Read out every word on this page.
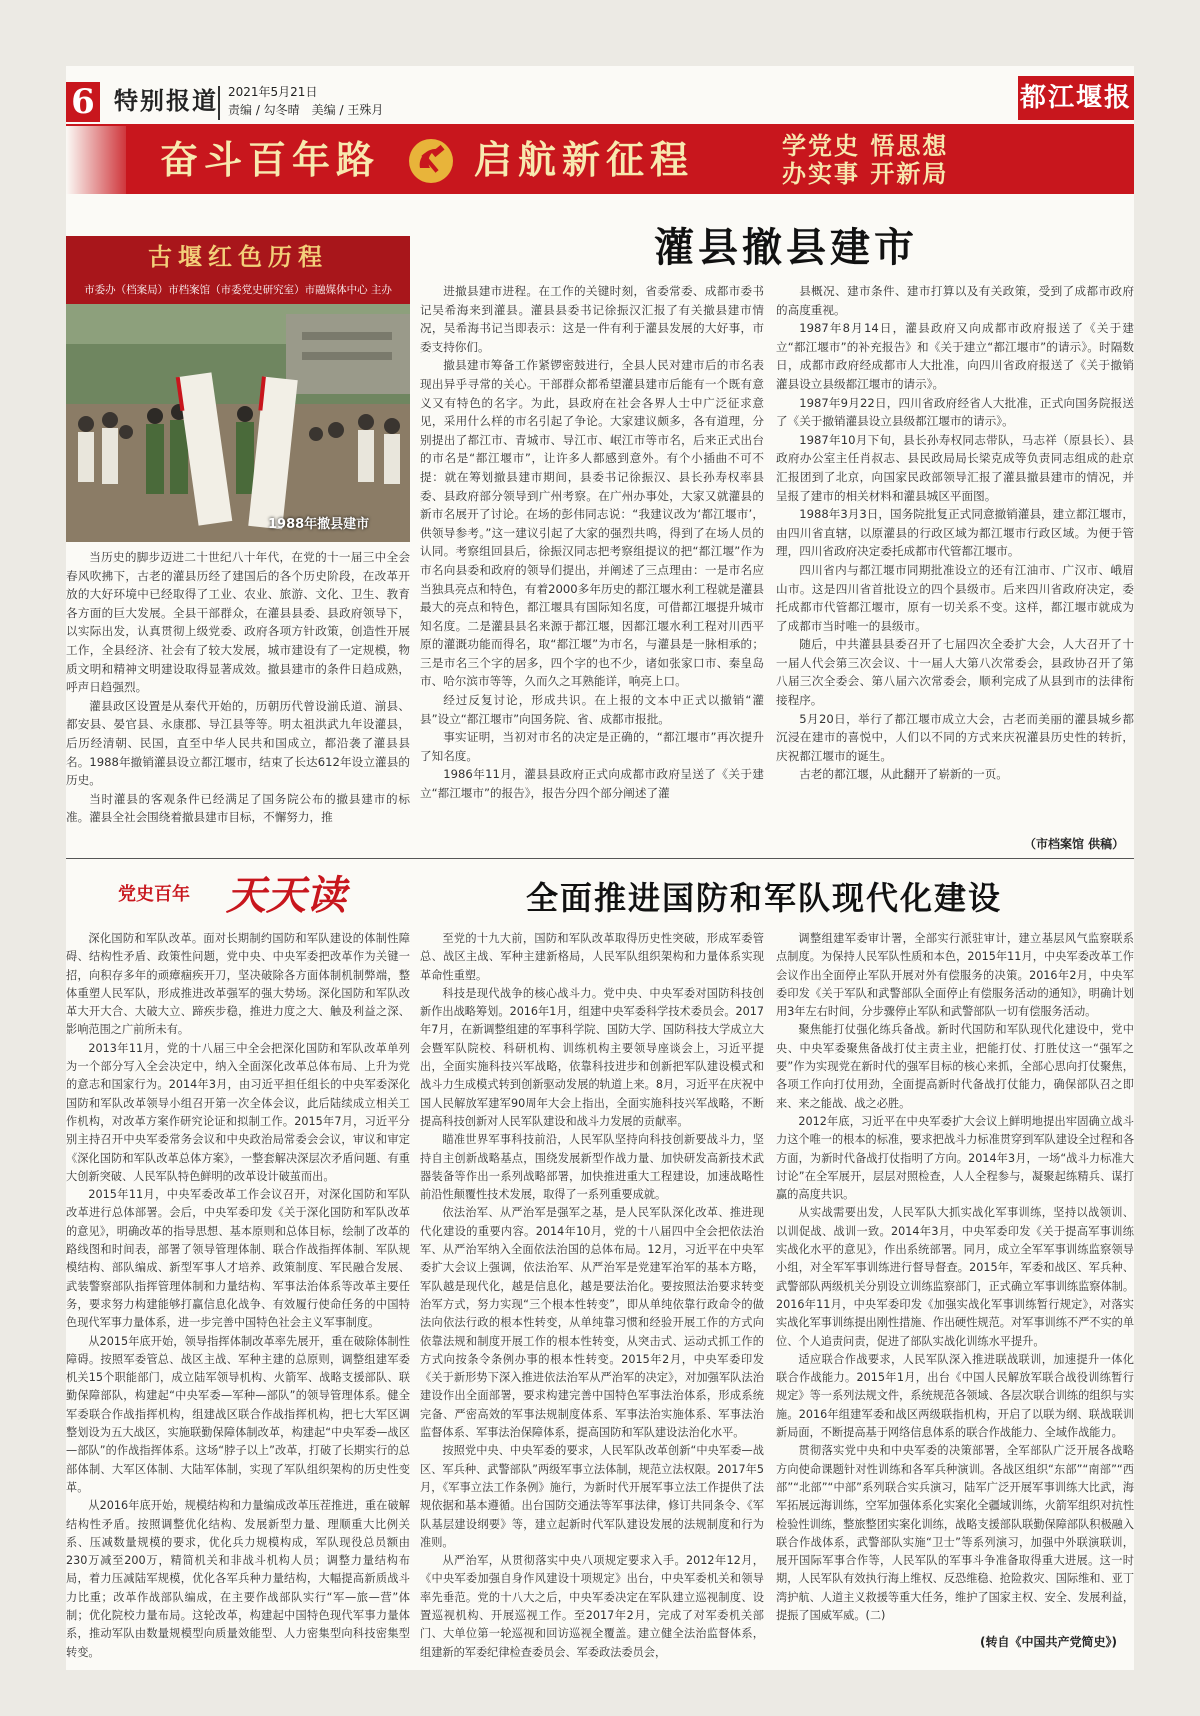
6 特别报道 2021年5月21日
责编 / 勾冬晴　美编 / 王殊月	都江堰报
奋斗百年路 启航新征程	学党史 悟思想
办实事 开新局
灌县撤县建市
古堰红色历程
市委办（档案局）市档案馆（市委党史研究室）市融媒体中心 主办
1988年撤县建市

当历史的脚步迈进二十世纪八十年代，在党的十一届三中全会春风吹拂下，古老的灌县历经了建国后的各个历史阶段，在改革开放的大好环境中已经取得了工业、农业、旅游、文化、卫生、教育各方面的巨大发展。全县干部群众，在灌县县委、县政府领导下，以实际出发，认真贯彻上级党委、政府各项方针政策，创造性开展工作，全县经济、社会有了较大发展，城市建设有了一定规模，物质文明和精神文明建设取得显著成效。撤县建市的条件日趋成熟，呼声日趋强烈。

灌县政区设置是从秦代开始的，历朝历代曾设湔氐道、湔县、都安县、晏官县、永康郡、导江县等等。明太祖洪武九年设灌县，后历经清朝、民国，直至中华人民共和国成立，都沿袭了灌县县名。1988年撤销灌县设立都江堰市，结束了长达612年设立灌县的历史。

当时灌县的客观条件已经满足了国务院公布的撤县建市的标准。灌县全社会围绕着撤县建市目标，不懈努力，推

进撤县建市进程。在工作的关键时刻，省委常委、成都市委书记吴希海来到灌县。灌县县委书记徐振汉汇报了有关撤县建市情况，吴希海书记当即表示：这是一件有利于灌县发展的大好事，市委支持你们。

撤县建市筹备工作紧锣密鼓进行，全县人民对建市后的市名表现出异乎寻常的关心。干部群众都希望灌县建市后能有一个既有意义又有特色的名字。为此，县政府在社会各界人士中广泛征求意见，采用什么样的市名引起了争论。大家建议颇多，各有道理，分别提出了都江市、青城市、导江市、岷江市等市名，后来正式出台的市名是“都江堰市”，让许多人都感到意外。有个小插曲不可不提：就在筹划撤县建市期间，县委书记徐振汉、县长孙寿权率县委、县政府部分领导到广州考察。在广州办事处，大家又就灌县的新市名展开了讨论。在场的彭伟同志说：“我建议改为‘都江堰市’，供领导参考。”这一建议引起了大家的强烈共鸣，得到了在场人员的认同。考察组回县后，徐振汉同志把考察组提议的把“都江堰”作为市名向县委和政府的领导们提出，并阐述了三点理由：一是市名应当独具亮点和特色，有着2000多年历史的都江堰水利工程就是灌县最大的亮点和特色，都江堰具有国际知名度，可借都江堰提升城市知名度。二是灌县县名来源于都江堰，因都江堰水利工程对川西平原的灌溉功能而得名，取“都江堰”为市名，与灌县是一脉相承的；三是市名三个字的居多，四个字的也不少，诸如张家口市、秦皇岛市、哈尔滨市等等，久而久之耳熟能详，响亮上口。

经过反复讨论，形成共识。在上报的文本中正式以撤销“灌县”设立“都江堰市”向国务院、省、成都市报批。

事实证明，当初对市名的决定是正确的，“都江堰市”再次提升了知名度。

1986年11月，灌县县政府正式向成都市政府呈送了《关于建立“都江堰市”的报告》，报告分四个部分阐述了灌

县概况、建市条件、建市打算以及有关政策，受到了成都市政府的高度重视。

1987年8月14日，灌县政府又向成都市政府报送了《关于建立“都江堰市”的补充报告》和《关于建立“都江堰市”的请示》。时隔数日，成都市政府经成都市人大批准，向四川省政府报送了《关于撤销灌县设立县级都江堰市的请示》。

1987年9月22日，四川省政府经省人大批准，正式向国务院报送了《关于撤销灌县设立县级都江堰市的请示》。

1987年10月下旬，县长孙寿权同志带队，马志祥（原县长）、县政府办公室主任肖叔志、县民政局局长梁克成等负责同志组成的赴京汇报团到了北京，向国家民政部领导汇报了灌县撤县建市的情况，并呈报了建市的相关材料和灌县城区平面图。

1988年3月3日，国务院批复正式同意撤销灌县，建立都江堰市，由四川省直辖，以原灌县的行政区域为都江堰市行政区域。为便于管理，四川省政府决定委托成都市代管都江堰市。

四川省内与都江堰市同期批准设立的还有江油市、广汉市、峨眉山市。这是四川省首批设立的四个县级市。后来四川省政府决定，委托成都市代管都江堰市，原有一切关系不变。这样，都江堰市就成为了成都市当时唯一的县级市。

随后，中共灌县县委召开了七届四次全委扩大会，人大召开了十一届人代会第三次会议、十一届人大第八次常委会，县政协召开了第八届三次全委会、第八届六次常委会，顺利完成了从县到市的法律衔接程序。

5月20日，举行了都江堰市成立大会，古老而美丽的灌县城乡都沉浸在建市的喜悦中，人们以不同的方式来庆祝灌县历史性的转折，庆祝都江堰市的诞生。

古老的都江堰，从此翻开了崭新的一页。

（市档案馆 供稿）
党史百年 天天读	全面推进国防和军队现代化建设

深化国防和军队改革。面对长期制约国防和军队建设的体制性障碍、结构性矛盾、政策性问题，党中央、中央军委把改革作为关键一招，向积存多年的顽瘴痼疾开刀，坚决破除各方面体制机制弊端，整体重塑人民军队，形成推进改革强军的强大势场。深化国防和军队改革大开大合、大破大立、蹄疾步稳，推进力度之大、触及利益之深、影响范围之广前所未有。

2013年11月，党的十八届三中全会把深化国防和军队改革单列为一个部分写入全会决定中，纳入全面深化改革总体布局、上升为党的意志和国家行为。2014年3月，由习近平担任组长的中央军委深化国防和军队改革领导小组召开第一次全体会议，此后陆续成立相关工作机构，对改革方案作研究论证和拟制工作。2015年7月，习近平分别主持召开中央军委常务会议和中央政治局常委会会议，审议和审定《深化国防和军队改革总体方案》，一整套解决深层次矛盾问题、有重大创新突破、人民军队特色鲜明的改革设计破茧而出。

2015年11月，中央军委改革工作会议召开，对深化国防和军队改革进行总体部署。会后，中央军委印发《关于深化国防和军队改革的意见》，明确改革的指导思想、基本原则和总体目标，绘制了改革的路线图和时间表，部署了领导管理体制、联合作战指挥体制、军队规模结构、部队编成、新型军事人才培养、政策制度、军民融合发展、武装警察部队指挥管理体制和力量结构、军事法治体系等改革主要任务，要求努力构建能够打赢信息化战争、有效履行使命任务的中国特色现代军事力量体系，进一步完善中国特色社会主义军事制度。

从2015年底开始，领导指挥体制改革率先展开，重在破除体制性障碍。按照军委管总、战区主战、军种主建的总原则，调整组建军委机关15个职能部门，成立陆军领导机构、火箭军、战略支援部队、联勤保障部队，构建起“中央军委—军种—部队”的领导管理体系。健全军委联合作战指挥机构，组建战区联合作战指挥机构，把七大军区调整划设为五大战区，实施联勤保障体制改革，构建起“中央军委—战区—部队”的作战指挥体系。这场“脖子以上”改革，打破了长期实行的总部体制、大军区体制、大陆军体制，实现了军队组织架构的历史性变革。

从2016年底开始，规模结构和力量编成改革压茬推进，重在破解结构性矛盾。按照调整优化结构、发展新型力量、理顺重大比例关系、压减数量规模的要求，优化兵力规模构成，军队现役总员额由230万减至200万，精简机关和非战斗机构人员；调整力量结构布局，着力压减陆军规模，优化各军兵种力量结构，大幅提高新质战斗力比重；改革作战部队编成，在主要作战部队实行“军—旅—营”体制；优化院校力量布局。这轮改革，构建起中国特色现代军事力量体系，推动军队由数量规模型向质量效能型、人力密集型向科技密集型转变。

至党的十九大前，国防和军队改革取得历史性突破，形成军委管总、战区主战、军种主建新格局，人民军队组织架构和力量体系实现革命性重塑。

科技是现代战争的核心战斗力。党中央、中央军委对国防科技创新作出战略筹划。2016年1月，组建中央军委科学技术委员会。2017年7月，在新调整组建的军事科学院、国防大学、国防科技大学成立大会暨军队院校、科研机构、训练机构主要领导座谈会上，习近平提出，全面实施科技兴军战略，依靠科技进步和创新把军队建设模式和战斗力生成模式转到创新驱动发展的轨道上来。8月，习近平在庆祝中国人民解放军建军90周年大会上指出，全面实施科技兴军战略，不断提高科技创新对人民军队建设和战斗力发展的贡献率。

瞄准世界军事科技前沿，人民军队坚持向科技创新要战斗力，坚持自主创新战略基点，围绕发展新型作战力量、加快研发高新技术武器装备等作出一系列战略部署，加快推进重大工程建设，加速战略性前沿性颠覆性技术发展，取得了一系列重要成就。

依法治军、从严治军是强军之基，是人民军队深化改革、推进现代化建设的重要内容。2014年10月，党的十八届四中全会把依法治军、从严治军纳入全面依法治国的总体布局。12月，习近平在中央军委扩大会议上强调，依法治军、从严治军是党建军治军的基本方略，军队越是现代化，越是信息化，越是要法治化。要按照法治要求转变治军方式，努力实现“三个根本性转变”，即从单纯依靠行政命令的做法向依法行政的根本性转变，从单纯靠习惯和经验开展工作的方式向依靠法规和制度开展工作的根本性转变，从突击式、运动式抓工作的方式向按条令条例办事的根本性转变。2015年2月，中央军委印发《关于新形势下深入推进依法治军从严治军的决定》，对加强军队法治建设作出全面部署，要求构建完善中国特色军事法治体系，形成系统完备、严密高效的军事法规制度体系、军事法治实施体系、军事法治监督体系、军事法治保障体系，提高国防和军队建设法治化水平。

按照党中央、中央军委的要求，人民军队改革创新“中央军委—战区、军兵种、武警部队”两级军事立法体制，规范立法权限。2017年5月，《军事立法工作条例》施行，为新时代开展军事立法工作提供了法规依据和基本遵循。出台国防交通法等军事法律，修订共同条令、《军队基层建设纲要》等，建立起新时代军队建设发展的法规制度和行为准则。

从严治军，从贯彻落实中央八项规定要求入手。2012年12月，《中央军委加强自身作风建设十项规定》出台，中央军委机关和领导率先垂范。党的十八大之后，中央军委决定在军队建立巡视制度、设置巡视机构、开展巡视工作。至2017年2月，完成了对军委机关部门、大单位第一轮巡视和回访巡视全覆盖。建立健全法治监督体系，组建新的军委纪律检查委员会、军委政法委员会，

调整组建军委审计署，全部实行派驻审计，建立基层风气监察联系点制度。为保持人民军队性质和本色，2015年11月，中央军委改革工作会议作出全面停止军队开展对外有偿服务的决策。2016年2月，中央军委印发《关于军队和武警部队全面停止有偿服务活动的通知》，明确计划用3年左右时间，分步骤停止军队和武警部队一切有偿服务活动。

聚焦能打仗强化练兵备战。新时代国防和军队现代化建设中，党中央、中央军委聚焦备战打仗主责主业，把能打仗、打胜仗这一“强军之要”作为实现党在新时代的强军目标的核心来抓，全部心思向打仗聚焦，各项工作向打仗用劲，全面提高新时代备战打仗能力，确保部队召之即来、来之能战、战之必胜。

2012年底，习近平在中央军委扩大会议上鲜明地提出牢固确立战斗力这个唯一的根本的标准，要求把战斗力标准贯穿到军队建设全过程和各方面，为新时代备战打仗指明了方向。2014年3月，一场“战斗力标准大讨论”在全军展开，层层对照检查，人人全程参与，凝聚起练精兵、谋打赢的高度共识。

从实战需要出发，人民军队大抓实战化军事训练，坚持以战领训、以训促战、战训一致。2014年3月，中央军委印发《关于提高军事训练实战化水平的意见》，作出系统部署。同月，成立全军军事训练监察领导小组，对全军军事训练进行督导督查。2015年，军委和战区、军兵种、武警部队两级机关分别设立训练监察部门，正式确立军事训练监察体制。2016年11月，中央军委印发《加强实战化军事训练暂行规定》，对落实实战化军事训练提出刚性措施、作出硬性规范。对军事训练不严不实的单位、个人追责问责，促进了部队实战化训练水平提升。

适应联合作战要求，人民军队深入推进联战联训，加速提升一体化联合作战能力。2015年1月，出台《中国人民解放军联合战役训练暂行规定》等一系列法规文件，系统规范各领域、各层次联合训练的组织与实施。2016年组建军委和战区两级联指机构，开启了以联为纲、联战联训新局面，不断提高基于网络信息体系的联合作战能力、全域作战能力。

贯彻落实党中央和中央军委的决策部署，全军部队广泛开展各战略方向使命课题针对性训练和各军兵种演训。各战区组织“东部”“南部”“西部”“北部”“中部”系列联合实兵演习，陆军广泛开展军事训练大比武，海军拓展远海训练，空军加强体系化实案化全疆域训练，火箭军组织对抗性检验性训练，整旅整团实案化训练，战略支援部队联勤保障部队积极融入联合作战体系，武警部队实施“卫士”等系列演习，加强中外联演联训，展开国际军事合作等，人民军队的军事斗争准备取得重大进展。这一时期，人民军队有效执行海上维权、反恐维稳、抢险救灾、国际维和、亚丁湾护航、人道主义救援等重大任务，维护了国家主权、安全、发展利益，提振了国威军威。(二)

(转自《中国共产党简史》)
